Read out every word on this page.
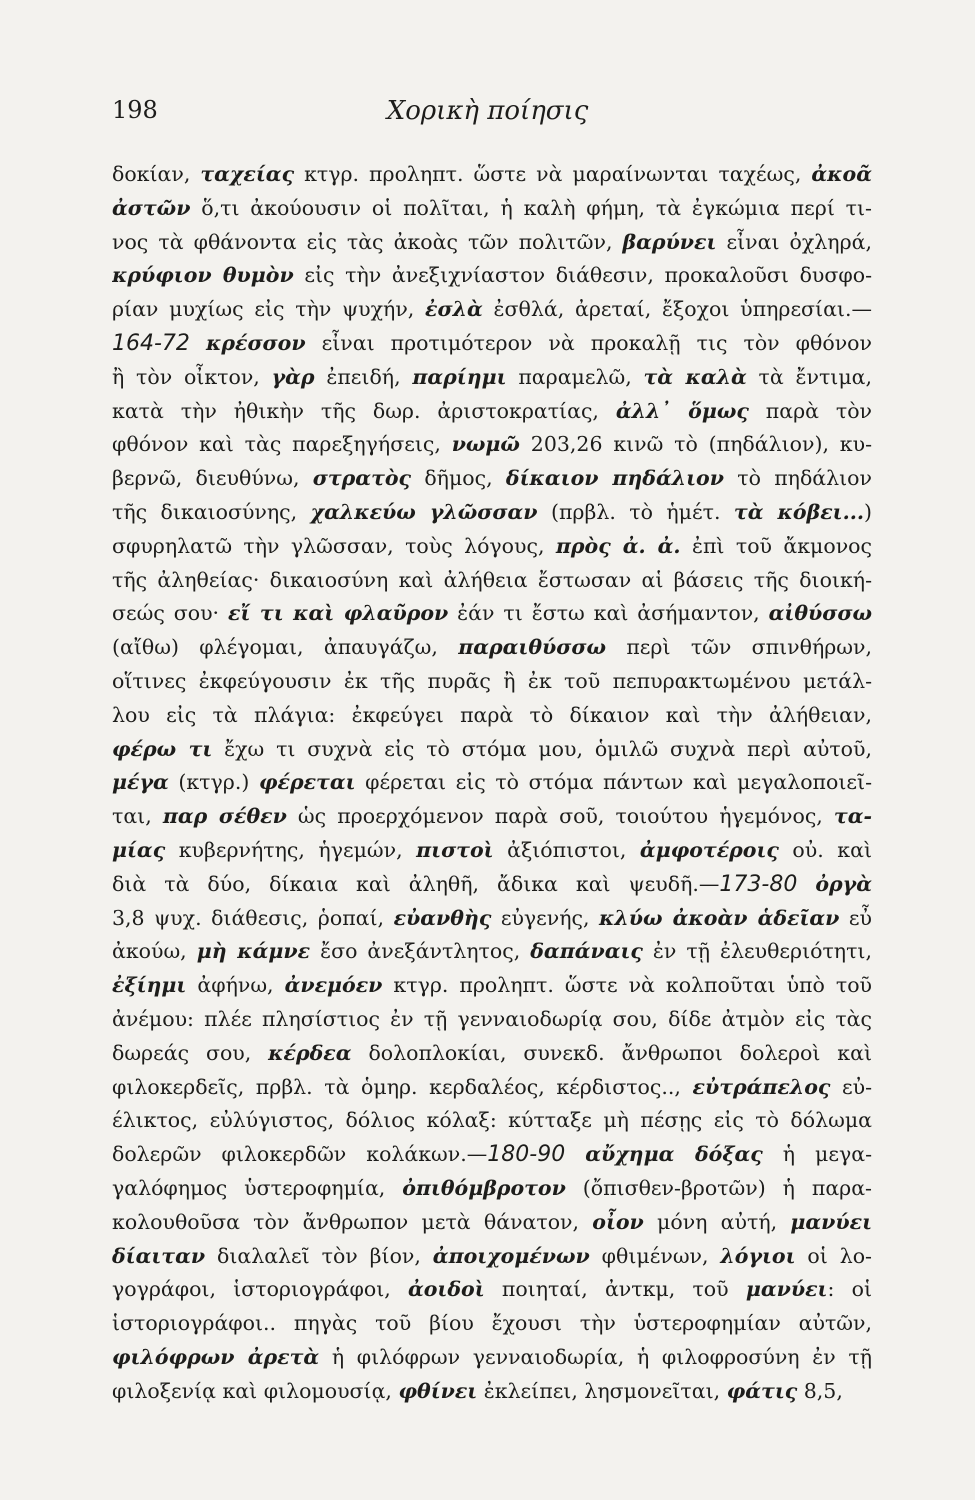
198	Χορικὴ ποίησις
δοκίαν, ταχείας κτγρ. προληπτ. ὥστε νὰ μαραίνωνται ταχέως, ἀκοᾶ
ἀστῶν ὅ,τι ἀκούουσιν οἱ πολῖται, ἡ καλὴ φήμη, τὰ ἐγκώμια περί τι-
νος τὰ φθάνοντα εἰς τὰς ἀκοὰς τῶν πολιτῶν, βαρύνει εἶναι ὀχληρά,
κρύφιον θυμὸν εἰς τὴν ἀνεξιχνίαστον διάθεσιν, προκαλοῦσι δυσφο-
ρίαν μυχίως εἰς τὴν ψυχήν, ἐσλὰ ἐσθλά, ἀρεταί, ἔξοχοι ὑπηρεσίαι.—
164-72 κρέσσον εἶναι προτιμότερον νὰ προκαλῇ τις τὸν φθόνον
ἢ τὸν οἶκτον, γὰρ ἐπειδή, παρίημι παραμελῶ, τὰ καλὰ τὰ ἔντιμα,
κατὰ τὴν ἠθικὴν τῆς δωρ. ἀριστοκρατίας, ἀλλ᾽ ὅμως παρὰ τὸν
φθόνον καὶ τὰς παρεξηγήσεις, νωμῶ 203,26 κινῶ τὸ (πηδάλιον), κυ-
βερνῶ, διευθύνω, στρατὸς δῆμος, δίκαιον πηδάλιον τὸ πηδάλιον
τῆς δικαιοσύνης, χαλκεύω γλῶσσαν (πρβλ. τὸ ἡμέτ. τὰ κόβει...)
σφυρηλατῶ τὴν γλῶσσαν, τοὺς λόγους, πρὸς ἀ. ἀ. ἐπὶ τοῦ ἄκμονος
τῆς ἀληθείας· δικαιοσύνη καὶ ἀλήθεια ἔστωσαν αἱ βάσεις τῆς διοική-
σεώς σου· εἴ τι καὶ φλαῦρον ἐάν τι ἔστω καὶ ἀσήμαντον, αἰθύσσω
(αἴθω) φλέγομαι, ἀπαυγάζω, παραιθύσσω περὶ τῶν σπινθήρων,
οἵτινες ἐκφεύγουσιν ἐκ τῆς πυρᾶς ἢ ἐκ τοῦ πεπυρακτωμένου μετάλ-
λου εἰς τὰ πλάγια: ἐκφεύγει παρὰ τὸ δίκαιον καὶ τὴν ἀλήθειαν,
φέρω τι ἔχω τι συχνὰ εἰς τὸ στόμα μου, ὁμιλῶ συχνὰ περὶ αὐτοῦ,
μέγα (κτγρ.) φέρεται φέρεται εἰς τὸ στόμα πάντων καὶ μεγαλοποιεῖ-
ται, παρ σέθεν ὡς προερχόμενον παρὰ σοῦ, τοιούτου ἡγεμόνος, τα-
μίας κυβερνήτης, ἡγεμών, πιστοὶ ἀξιόπιστοι, ἀμφοτέροις οὐ. καὶ
διὰ τὰ δύο, δίκαια καὶ ἀληθῆ, ἄδικα καὶ ψευδῆ.—173-80 ὀργὰ
3,8 ψυχ. διάθεσις, ῥοπαί, εὐανθὴς εὐγενής, κλύω ἀκοὰν ἁδεῖαν εὖ
ἀκούω, μὴ κάμνε ἔσο ἀνεξάντλητος, δαπάναις ἐν τῇ ἐλευθεριότητι,
ἐξίημι ἀφήνω, ἀνεμόεν κτγρ. προληπτ. ὥστε νὰ κολποῦται ὑπὸ τοῦ
ἀνέμου: πλέε πλησίστιος ἐν τῇ γενναιοδωρίᾳ σου, δίδε ἀτμὸν εἰς τὰς
δωρεάς σου, κέρδεα δολοπλοκίαι, συνεκδ. ἄνθρωποι δολεροὶ καὶ
φιλοκερδεῖς, πρβλ. τὰ ὁμηρ. κερδαλέος, κέρδιστος.., εὐτράπελος εὐ-
έλικτος, εὐλύγιστος, δόλιος κόλαξ: κύτταξε μὴ πέσῃς εἰς τὸ δόλωμα
δολερῶν φιλοκερδῶν κολάκων.—180-90 αὔχημα δόξας ἡ μεγα-
γαλόφημος ὑστεροφημία, ὀπιθόμβροτον (ὄπισθεν-βροτῶν) ἡ παρα-
κολουθοῦσα τὸν ἄνθρωπον μετὰ θάνατον, οἶον μόνη αὐτή, μανύει
δίαιταν διαλαλεῖ τὸν βίον, ἀποιχομένων φθιμένων, λόγιοι οἱ λο-
γογράφοι, ἱστοριογράφοι, ἀοιδοὶ ποιηταί, ἀντκμ, τοῦ μανύει: οἱ
ἱστοριογράφοι.. πηγὰς τοῦ βίου ἔχουσι τὴν ὑστεροφημίαν αὐτῶν,
φιλόφρων ἀρετὰ ἡ φιλόφρων γενναιοδωρία, ἡ φιλοφροσύνη ἐν τῇ
φιλοξενίᾳ καὶ φιλομουσίᾳ, φθίνει ἐκλείπει, λησμονεῖται, φάτις 8,5,
